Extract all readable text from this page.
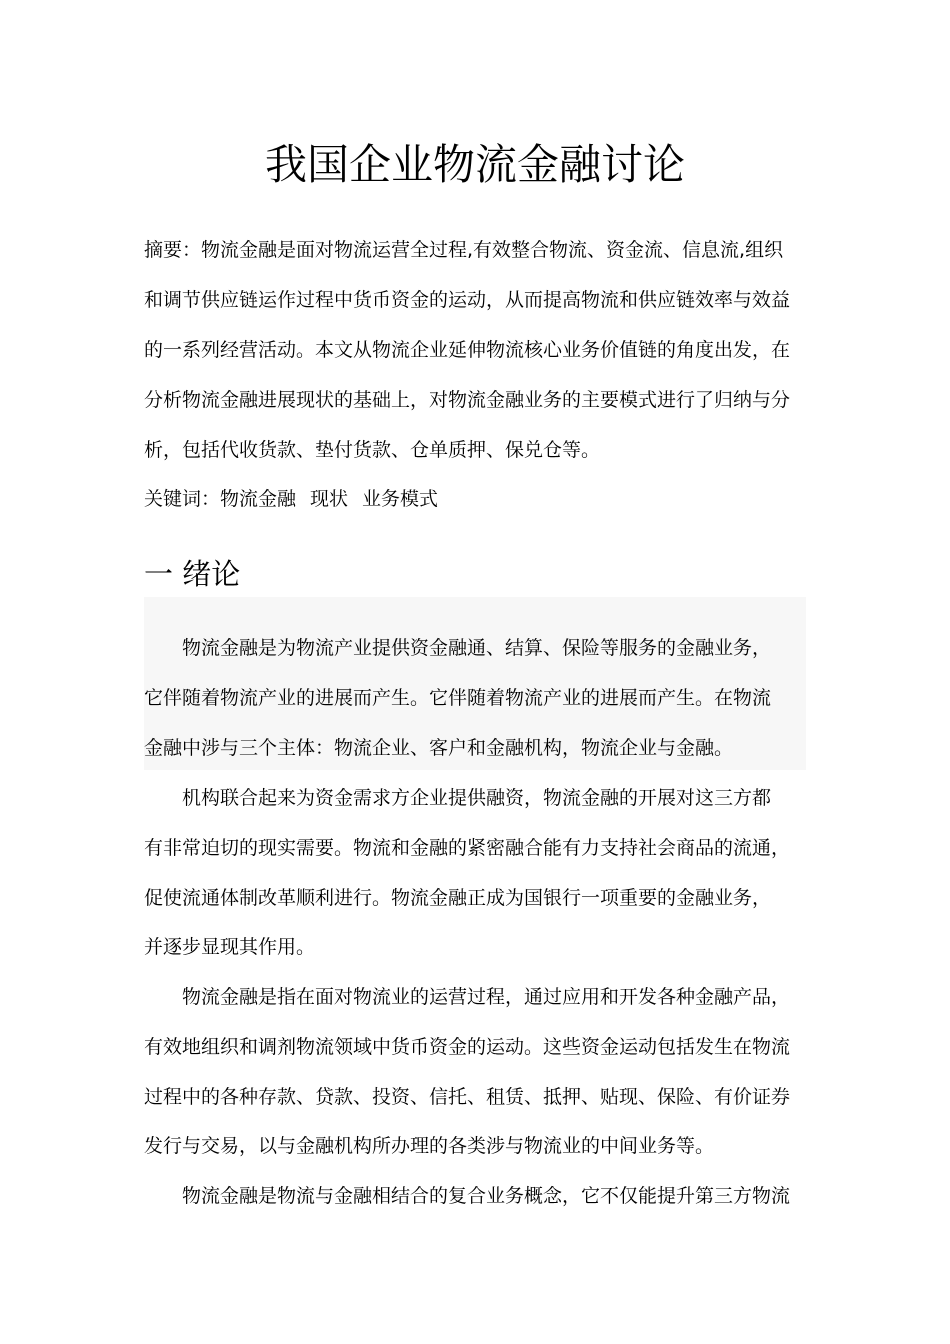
我国企业物流金融讨论
摘要：物流金融是面对物流运营全过程,有效整合物流、资金流、信息流,组织
和调节供应链运作过程中货币资金的运动，从而提高物流和供应链效率与效益
的一系列经营活动。本文从物流企业延伸物流核心业务价值链的角度出发，在
分析物流金融进展现状的基础上，对物流金融业务的主要模式进行了归纳与分
析，包括代收货款、垫付货款、仓单质押、保兑仓等。
关键词：物流金融 现状 业务模式
一 绪论
物流金融是为物流产业提供资金融通、结算、保险等服务的金融业务，
它伴随着物流产业的进展而产生。它伴随着物流产业的进展而产生。在物流
金融中涉与三个主体：物流企业、客户和金融机构，物流企业与金融。
机构联合起来为资金需求方企业提供融资，物流金融的开展对这三方都
有非常迫切的现实需要。物流和金融的紧密融合能有力支持社会商品的流通，
促使流通体制改革顺利进行。物流金融正成为国银行一项重要的金融业务，
并逐步显现其作用。
物流金融是指在面对物流业的运营过程，通过应用和开发各种金融产品，
有效地组织和调剂物流领域中货币资金的运动。这些资金运动包括发生在物流
过程中的各种存款、贷款、投资、信托、租赁、抵押、贴现、保险、有价证券
发行与交易，以与金融机构所办理的各类涉与物流业的中间业务等。
物流金融是物流与金融相结合的复合业务概念，它不仅能提升第三方物流
